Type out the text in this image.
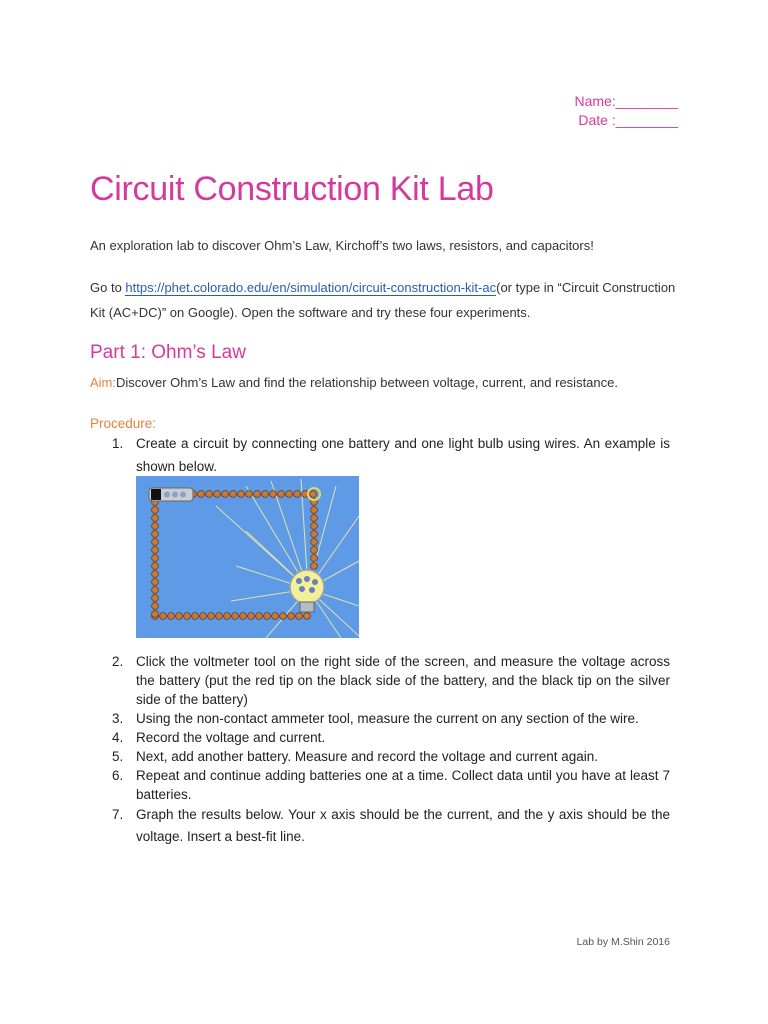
Name:________
Date :________
Circuit Construction Kit Lab
An exploration lab to discover Ohm’s Law, Kirchoff’s two laws, resistors, and capacitors!
Go to https://phet.colorado.edu/en/simulation/circuit-construction-kit-ac(or type in “Circuit Construction Kit (AC+DC)” on Google). Open the software and try these four experiments.
Part 1: Ohm’s Law
Aim:Discover Ohm’s Law and find the relationship between voltage, current, and resistance.
Procedure:
1. Create a circuit by connecting one battery and one light bulb using wires. An example is shown below.
2. Click the voltmeter tool on the right side of the screen, and measure the voltage across the battery (put the red tip on the black side of the battery, and the black tip on the silver side of the battery)
3. Using the non-contact ammeter tool, measure the current on any section of the wire.
4. Record the voltage and current.
5. Next, add another battery. Measure and record the voltage and current again.
6. Repeat and continue adding batteries one at a time. Collect data until you have at least 7 batteries.
7. Graph the results below. Your x axis should be the current, and the y axis should be the voltage. Insert a best-fit line.
Lab by M.Shin 2016
